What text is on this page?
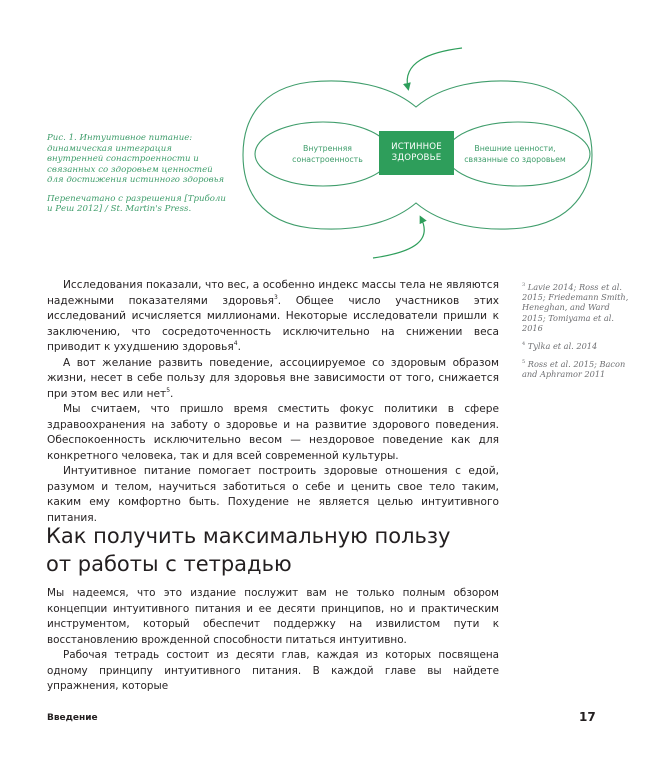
Рис. 1. Интуитивное питание: динамическая интеграция внутренней сонастроенности и связанных со здоровьем ценностей для достижения истинного здоровья

Перепечатано с разрешения [Триболи и Реш 2012] / St. Martin's Press.

ИСТИННОЕ
ЗДОРОВЬЕ
Внутренняя
сонастроенность
Внешние ценности,
связанные со здоровьем

Исследования показали, что вес, а особенно индекс массы тела не являются надежными показателями здоровья$^3$. Общее число участников этих исследований исчисляется миллионами. Некоторые исследователи пришли к заключению, что сосредоточенность исключительно на снижении веса приводит к ухудшению здоровья$^4$.

А вот желание развить поведение, ассоциируемое со здоровым образом жизни, несет в себе пользу для здоровья вне зависимости от того, снижается при этом вес или нет$^5$.

Мы считаем, что пришло время сместить фокус политики в сфере здравоохранения на заботу о здоровье и на развитие здорового поведения. Обеспокоенность исключительно весом — нездоровое поведение как для конкретного человека, так и для всей современной культуры.

Интуитивное питание помогает построить здоровые отношения с едой, разумом и телом, научиться заботиться о себе и ценить свое тело таким, каким ему комфортно быть. Похудение не является целью интуитивного питания.

$^3$ Lavie 2014; Ross et al. 2015; Friedemann Smith, Heneghan, and Ward 2015; Tomiyama et al. 2016

$^4$ Tylka et al. 2014

$^5$ Ross et al. 2015; Bacon and Aphramor 2011

Как получить максимальную пользу
от работы с тетрадью

Мы надеемся, что это издание послужит вам не только полным обзором концепции интуитивного питания и ее десяти принципов, но и практическим инструментом, который обеспечит поддержку на извилистом пути к восстановлению врожденной способности питаться интуитивно.

Рабочая тетрадь состоит из десяти глав, каждая из которых посвящена одному принципу интуитивного питания. В каждой главе вы найдете упражнения, которые

Введение	17
